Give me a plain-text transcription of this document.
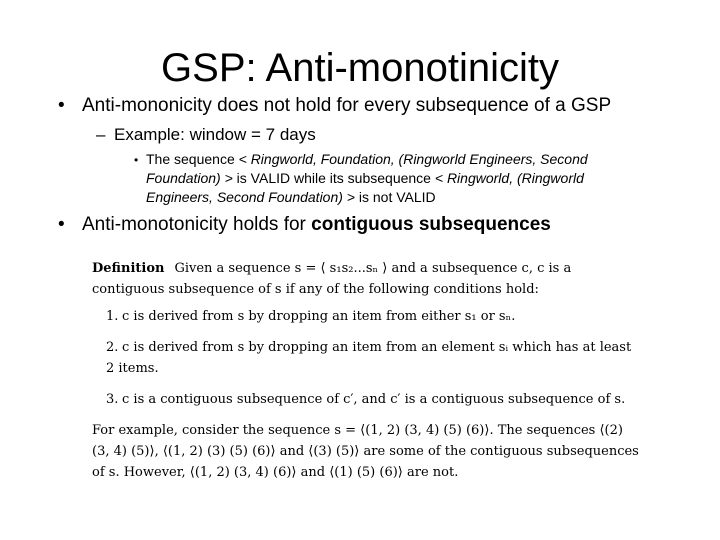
GSP: Anti-monotinicity
• Anti-mononicity does not hold for every subsequence of a GSP
– Example: window = 7 days
• The sequence < Ringworld, Foundation, (Ringworld Engineers, Second Foundation) > is VALID while its subsequence < Ringworld, (Ringworld Engineers, Second Foundation) > is not VALID
• Anti-monotonicity holds for contiguous subsequences

Definition Given a sequence s = ⟨ s₁s₂...sₙ ⟩ and a subsequence c, c is a contiguous subsequence of s if any of the following conditions hold:

1. c is derived from s by dropping an item from either s₁ or sₙ.
2. c is derived from s by dropping an item from an element sᵢ which has at least 2 items.
3. c is a contiguous subsequence of c′, and c′ is a contiguous subsequence of s.

For example, consider the sequence s = ⟨(1, 2) (3, 4) (5) (6)⟩. The sequences ⟨(2) (3, 4) (5)⟩, ⟨(1, 2) (3) (5) (6)⟩ and ⟨(3) (5)⟩ are some of the contiguous subsequences of s. However, ⟨(1, 2) (3, 4) (6)⟩ and ⟨(1) (5) (6)⟩ are not.
